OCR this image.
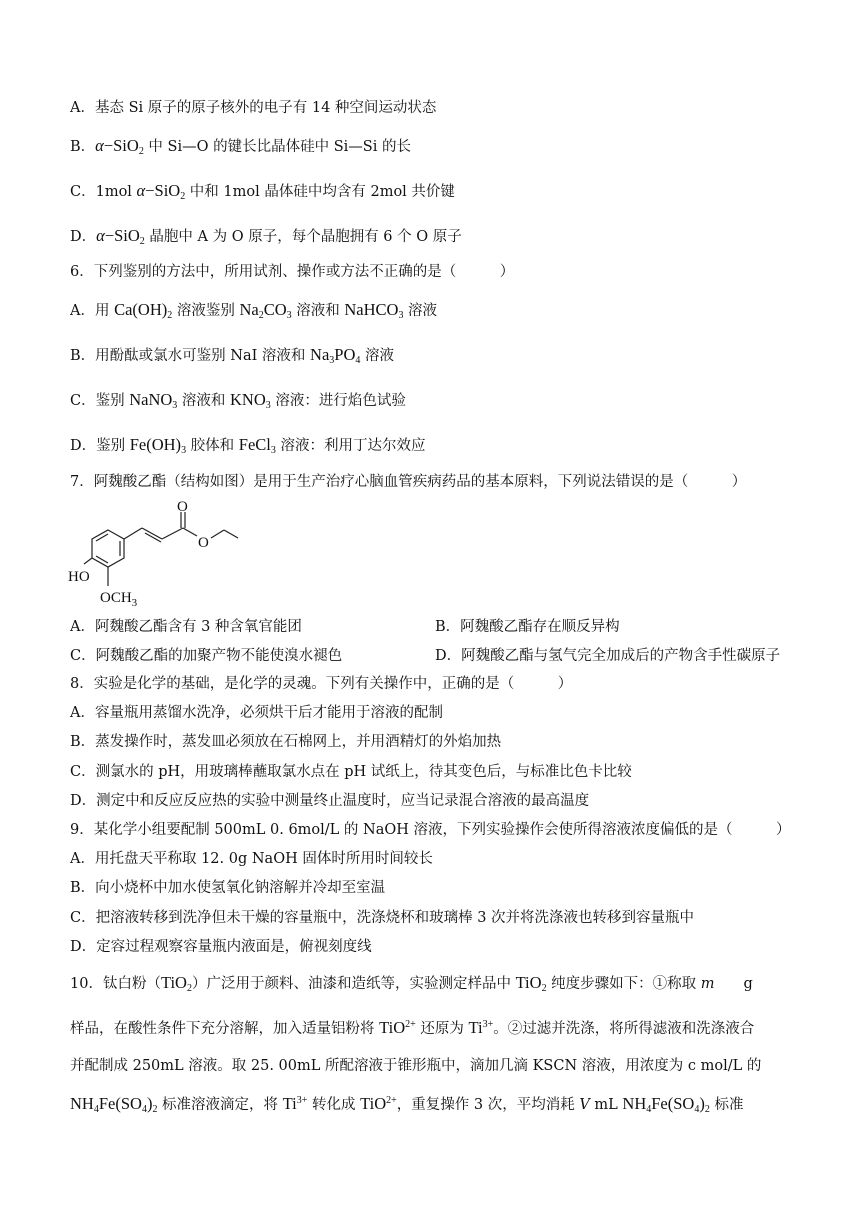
A．基态 Si 原子的原子核外的电子有 14 种空间运动状态
B．α−SiO$_2$ 中 Si—O 的键长比晶体硅中 Si—Si 的长
C．1mol α−SiO$_2$ 中和 1mol 晶体硅中均含有 2mol 共价键
D．α−SiO$_2$ 晶胞中 A 为 O 原子，每个晶胞拥有 6 个 O 原子
6．下列鉴别的方法中，所用试剂、操作或方法不正确的是（　　　）
A．用 $Ca(OH)_2$ 溶液鉴别 $Na_2CO_3$ 溶液和 NaHCO$_3$ 溶液
B．用酚酞或氯水可鉴别 NaI 溶液和 $Na_3PO_4$ 溶液
C．鉴别 NaNO$_3$ 溶液和 $KNO_3$ 溶液：进行焰色试验
D．鉴别 $Fe(OH)_3$ 胶体和 FeCl$_3$ 溶液：利用丁达尔效应
7．阿魏酸乙酯（结构如图）是用于生产治疗心脑血管疾病药品的基本原料，下列说法错误的是（　　　）
HO
$OCH_3$
O
O
A．阿魏酸乙酯含有 3 种含氧官能团	B．阿魏酸乙酯存在顺反异构
C．阿魏酸乙酯的加聚产物不能使溴水褪色	D．阿魏酸乙酯与氢气完全加成后的产物含手性碳原子
8．实验是化学的基础，是化学的灵魂。下列有关操作中，正确的是（　　　）
A．容量瓶用蒸馏水洗净，必须烘干后才能用于溶液的配制
B．蒸发操作时，蒸发皿必须放在石棉网上，并用酒精灯的外焰加热
C．测氯水的 pH，用玻璃棒蘸取氯水点在 pH 试纸上，待其变色后，与标准比色卡比较
D．测定中和反应反应热的实验中测量终止温度时，应当记录混合溶液的最高温度
9．某化学小组要配制 500mL 0. 6mol/L 的 NaOH 溶液，下列实验操作会使所得溶液浓度偏低的是（　　　）
A．用托盘天平称取 12. 0g NaOH 固体时所用时间较长
B．向小烧杯中加水使氢氧化钠溶解并冷却至室温
C．把溶液转移到洗净但未干燥的容量瓶中，洗涤烧杯和玻璃棒 3 次并将洗涤液也转移到容量瓶中
D．定容过程观察容量瓶内液面是，俯视刻度线
10．钛白粉（TiO$_2$）广泛用于颜料、油漆和造纸等，实验测定样品中 TiO$_2$ 纯度步骤如下：①称取 m　　g
样品，在酸性条件下充分溶解，加入适量铝粉将 TiO$^{2+}$ 还原为 $Ti^{3+}$。②过滤并洗涤，将所得滤液和洗涤液合
并配制成 250mL 溶液。取 25. 00mL 所配溶液于锥形瓶中，滴加几滴 KSCN 溶液，用浓度为 c mol/L 的
$NH_4Fe(SO_4)_2$ 标准溶液滴定，将 $Ti^{3+}$ 转化成 TiO$^{2+}$，重复操作 3 次，平均消耗 V mL $NH_4Fe(SO_4)_2$ 标准
